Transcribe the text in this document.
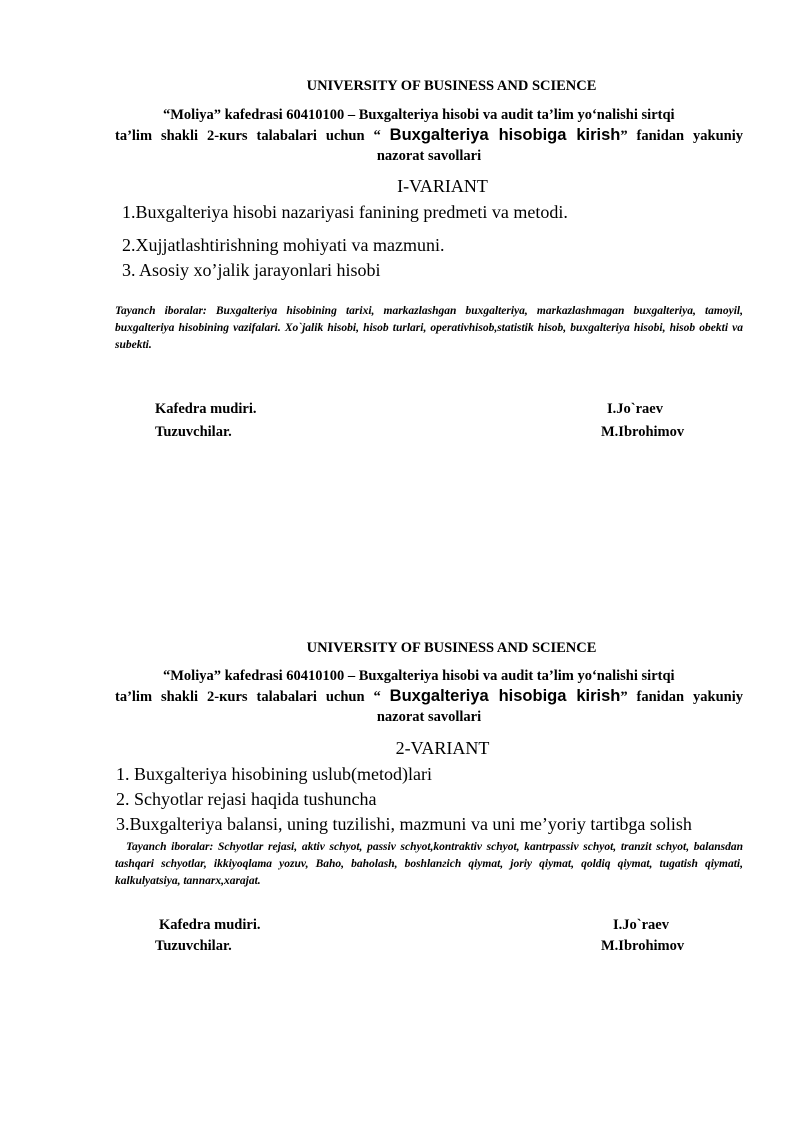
UNIVERSITY OF BUSINESS AND SCIENCE
“Moliya” kafedrasi 60410100 – Buxgalteriya hisobi va audit ta’lim yo‘nalishi sirtqi
ta’lim shakli 2-кurs talabalari uchun “ Buxgalteriya hisobiga kirish” fanidan yakuniy
nazorat savollari
I-VARIANT
1.Buxgalteriya hisobi nazariyasi fanining predmeti va metodi.
2.Xujjatlashtirishning mohiyati va mazmuni.
3. Asosiy xo’jalik jarayonlari hisobi
Tayanch iboralar: Buxgalteriya hisobining tarixi, markazlashgan buxgalteriya, markazlashmagan buxgalteriya, tamoyil, buxgalteriya hisobining vazifalari. Xo`jalik hisobi, hisob turlari, operativhisob,statistik hisob, buxgalteriya hisobi, hisob obekti va subekti.
Kafedra mudiri.	I.Jo`raev
Tuzuvchilar.	M.Ibrohimov
UNIVERSITY OF BUSINESS AND SCIENCE
“Moliya” kafedrasi 60410100 – Buxgalteriya hisobi va audit ta’lim yo‘nalishi sirtqi
ta’lim shakli 2-кurs talabalari uchun “ Buxgalteriya hisobiga kirish” fanidan yakuniy
nazorat savollari
2-VARIANT
1. Buxgalteriya hisobining uslub(metod)lari
2. Schyotlar rejasi haqida tushuncha
3.Buxgalteriya balansi, uning tuzilishi, mazmuni va uni me’yoriy tartibga solish
Tayanch iboralar: Schyotlar rejasi, aktiv schyot, passiv schyot,kontraktiv schyot, kantrpassiv schyot, tranzit schyot, balansdan tashqari schyotlar, ikkiyoqlama yozuv, Baho, baholash, boshlanгich qiymat, joriy qiymat, qoldiq qiymat, tugatish qiymati, kalkulyatsiya, tannarx,xarajat.
Kafedra mudiri.	I.Jo`raev
Tuzuvchilar.	M.Ibrohimov
